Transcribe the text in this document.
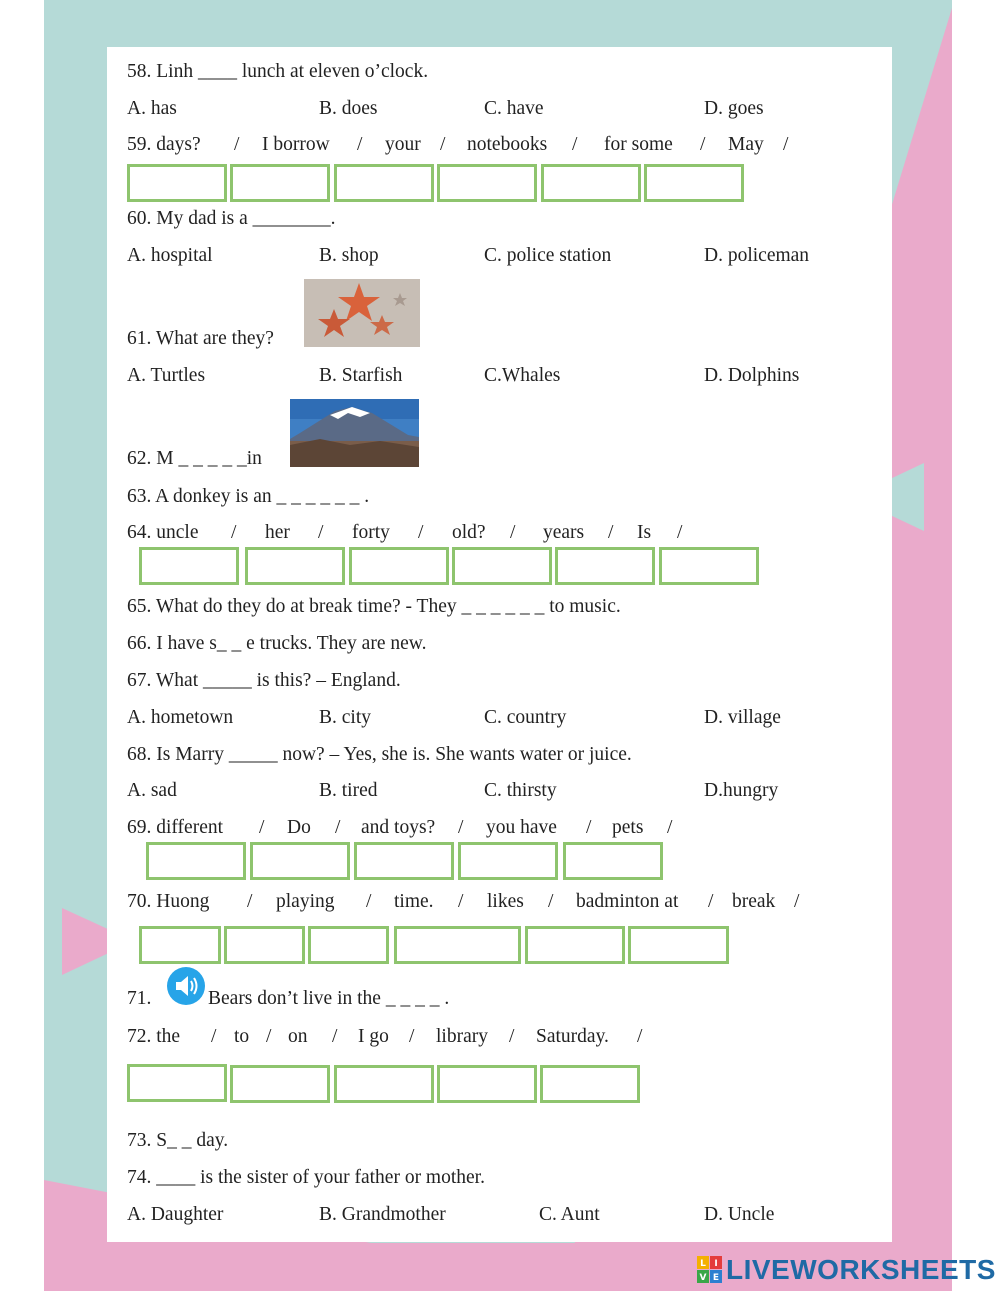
58. Linh ____ lunch at eleven o’clock.
A. has	B. does	C. have	D. goes
59. days? / I borrow / your / notebooks / for some / May /
60. My dad is a ________.
A. hospital	B. shop	C. police station	D. policeman
61. What are they?
A. Turtles	B. Starfish	C.Whales	D. Dolphins
62. M _ _ _ _ _in
63. A donkey is an _ _ _ _ _ _ .
64. uncle / her / forty / old? / years / Is /
65. What do they do at break time? - They _ _ _ _ _ _ to music.
66. I have s_ _ e trucks. They are new.
67. What _____ is this? – England.
A. hometown	B. city	C. country	D. village
68. Is Marry _____ now? – Yes, she is. She wants water or juice.
A. sad	B. tired	C. thirsty	D.hungry
69. different / Do / and toys? / you have / pets /
70. Huong / playing / time. / likes / badminton at / break /
71.	Bears don’t live in the _ _ _ _ .
72. the / to / on / I go / library / Saturday. /
73. S_ _ day.
74. ____ is the sister of your father or mother.
A. Daughter	B. Grandmother	C. Aunt	D. Uncle
L I
V E LIVEWORKSHEETS
